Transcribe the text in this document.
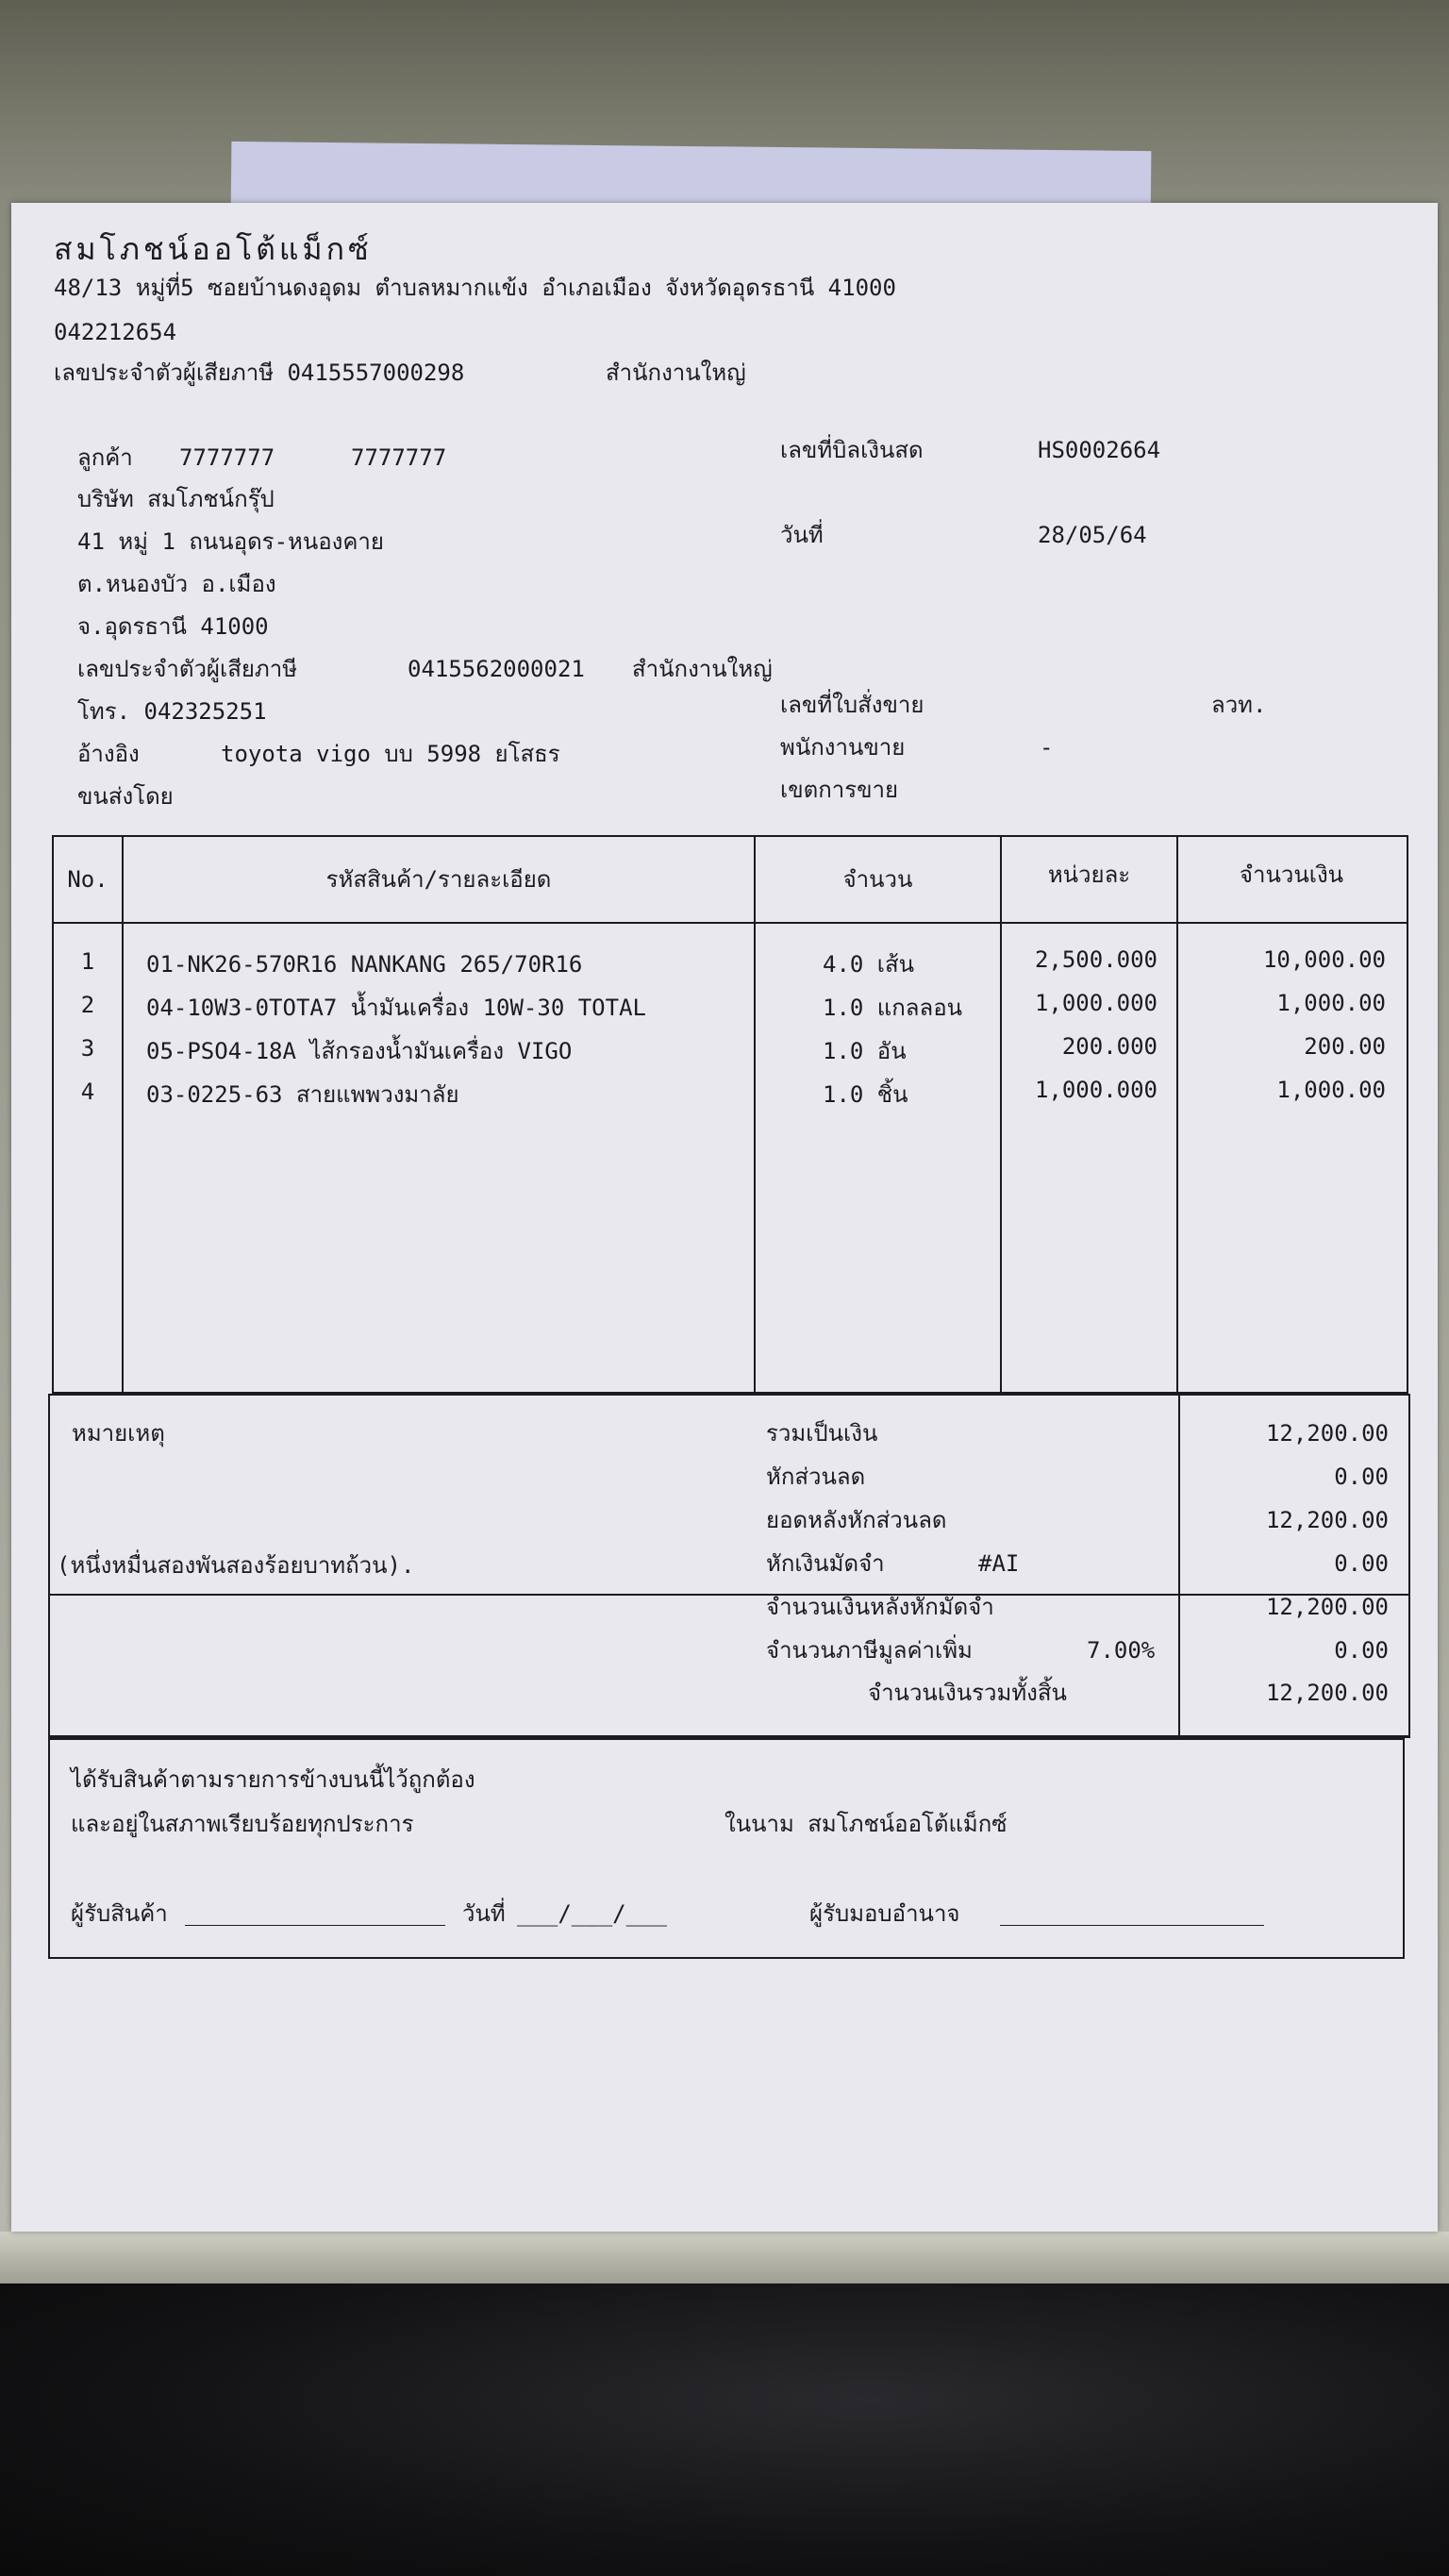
สมโภชน์ออโต้แม็กซ์
48/13 หมู่ที่5 ซอยบ้านดงอุดม ตำบลหมากแข้ง อำเภอเมือง จังหวัดอุดรธานี 41000
042212654
เลขประจำตัวผู้เสียภาษี 0415557000298	สำนักงานใหญ่
ลูกค้า 7777777	7777777
บริษัท สมโภชน์กรุ๊ป
41 หมู่ 1 ถนนอุดร-หนองคาย
ต.หนองบัว อ.เมือง
จ.อุดรธานี 41000
เลขประจำตัวผู้เสียภาษี	0415562000021 สำนักงานใหญ่
โทร. 042325251
อ้างอิง	toyota vigo บบ 5998 ยโสธร
ขนส่งโดย
เลขที่บิลเงินสด	HS0002664
วันที่	28/05/64
เลขที่ใบสั่งขาย	ลวท.
พนักงานขาย	-
เขตการขาย
No.	รหัสสินค้า/รายละเอียด	จำนวน	หน่วยละ	จำนวนเงิน
1	01-NK26-570R16 NANKANG 265/70R16	4.0 เส้น	2,500.000	10,000.00
2	04-10W3-0TOTA7 น้ำมันเครื่อง 10W-30 TOTAL	1.0 แกลลอน	1,000.000	1,000.00
3	05-PSO4-18A ไส้กรองน้ำมันเครื่อง VIGO	1.0 อัน	200.000	200.00
4	03-0225-63 สายแพพวงมาลัย	1.0 ชิ้น	1,000.000	1,000.00
หมายเหตุ
(หนึ่งหมื่นสองพันสองร้อยบาทถ้วน).
รวมเป็นเงิน	12,200.00
หักส่วนลด	0.00
ยอดหลังหักส่วนลด	12,200.00
หักเงินมัดจำ	#AI	0.00
จำนวนเงินหลังหักมัดจำ	12,200.00
จำนวนภาษีมูลค่าเพิ่ม	7.00%	0.00
จำนวนเงินรวมทั้งสิ้น	12,200.00
ได้รับสินค้าตามรายการข้างบนนี้ไว้ถูกต้อง
และอยู่ในสภาพเรียบร้อยทุกประการ	ในนาม สมโภชน์ออโต้แม็กซ์
ผู้รับสินค้า	วันที่ ___/___/___	ผู้รับมอบอำนาจ
